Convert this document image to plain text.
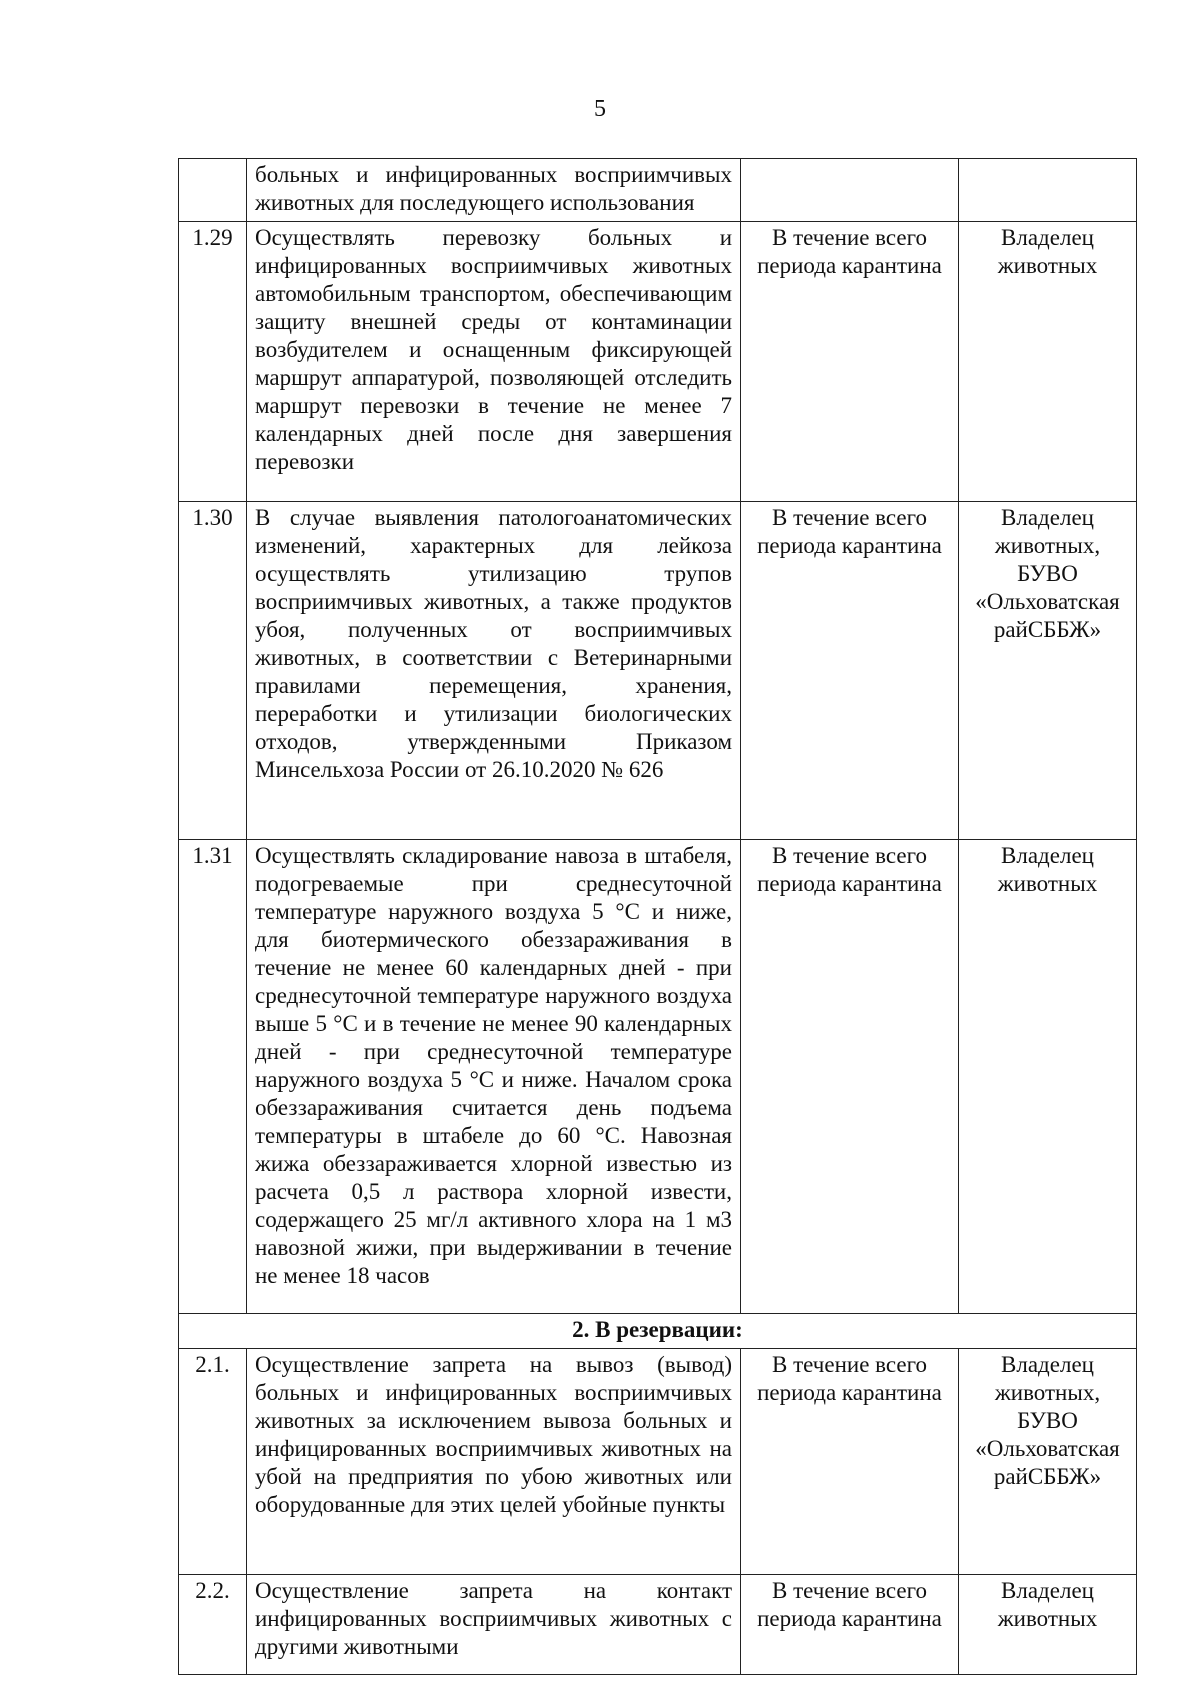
5
	больных и инфицированных восприимчивых животных для последующего использования		
1.29	Осуществлять перевозку больных и инфицированных восприимчивых животных автомобильным транспортом, обеспечивающим защиту внешней среды от контаминации возбудителем и оснащенным фиксирующей маршрут аппаратурой, позволяющей отследить маршрут перевозки в течение не менее 7 календарных дней после дня завершения перевозки	В течение всего периода карантина	Владелец животных
1.30	В случае выявления патологоанатомических изменений, характерных для лейкоза осуществлять утилизацию трупов восприимчивых животных, а также продуктов убоя, полученных от восприимчивых животных, в соответствии с Ветеринарными правилами перемещения, хранения, переработки и утилизации биологических отходов, утвержденными Приказом Минсельхоза России от 26.10.2020 № 626	В течение всего периода карантина	Владелец животных, БУВО «Ольховатская райСББЖ»
1.31	Осуществлять складирование навоза в штабеля, подогреваемые при среднесуточной температуре наружного воздуха 5 °С и ниже, для биотермического обеззараживания в течение не менее 60 календарных дней - при среднесуточной температуре наружного воздуха выше 5 °С и в течение не менее 90 календарных дней - при среднесуточной температуре наружного воздуха 5 °С и ниже. Началом срока обеззараживания считается день подъема температуры в штабеле до 60 °С. Навозная жижа обеззараживается хлорной известью из расчета 0,5 л раствора хлорной извести, содержащего 25 мг/л активного хлора на 1 м3 навозной жижи, при выдерживании в течение не менее 18 часов	В течение всего периода карантина	Владелец животных
2. В резервации:			
2.1.	Осуществление запрета на вывоз (вывод) больных и инфицированных восприимчивых животных за исключением вывоза больных и инфицированных восприимчивых животных на убой на предприятия по убою животных или оборудованные для этих целей убойные пункты	В течение всего периода карантина	Владелец животных, БУВО «Ольховатская райСББЖ»
2.2.	Осуществление запрета на контакт инфицированных восприимчивых животных с другими животными	В течение всего периода карантина	Владелец животных
